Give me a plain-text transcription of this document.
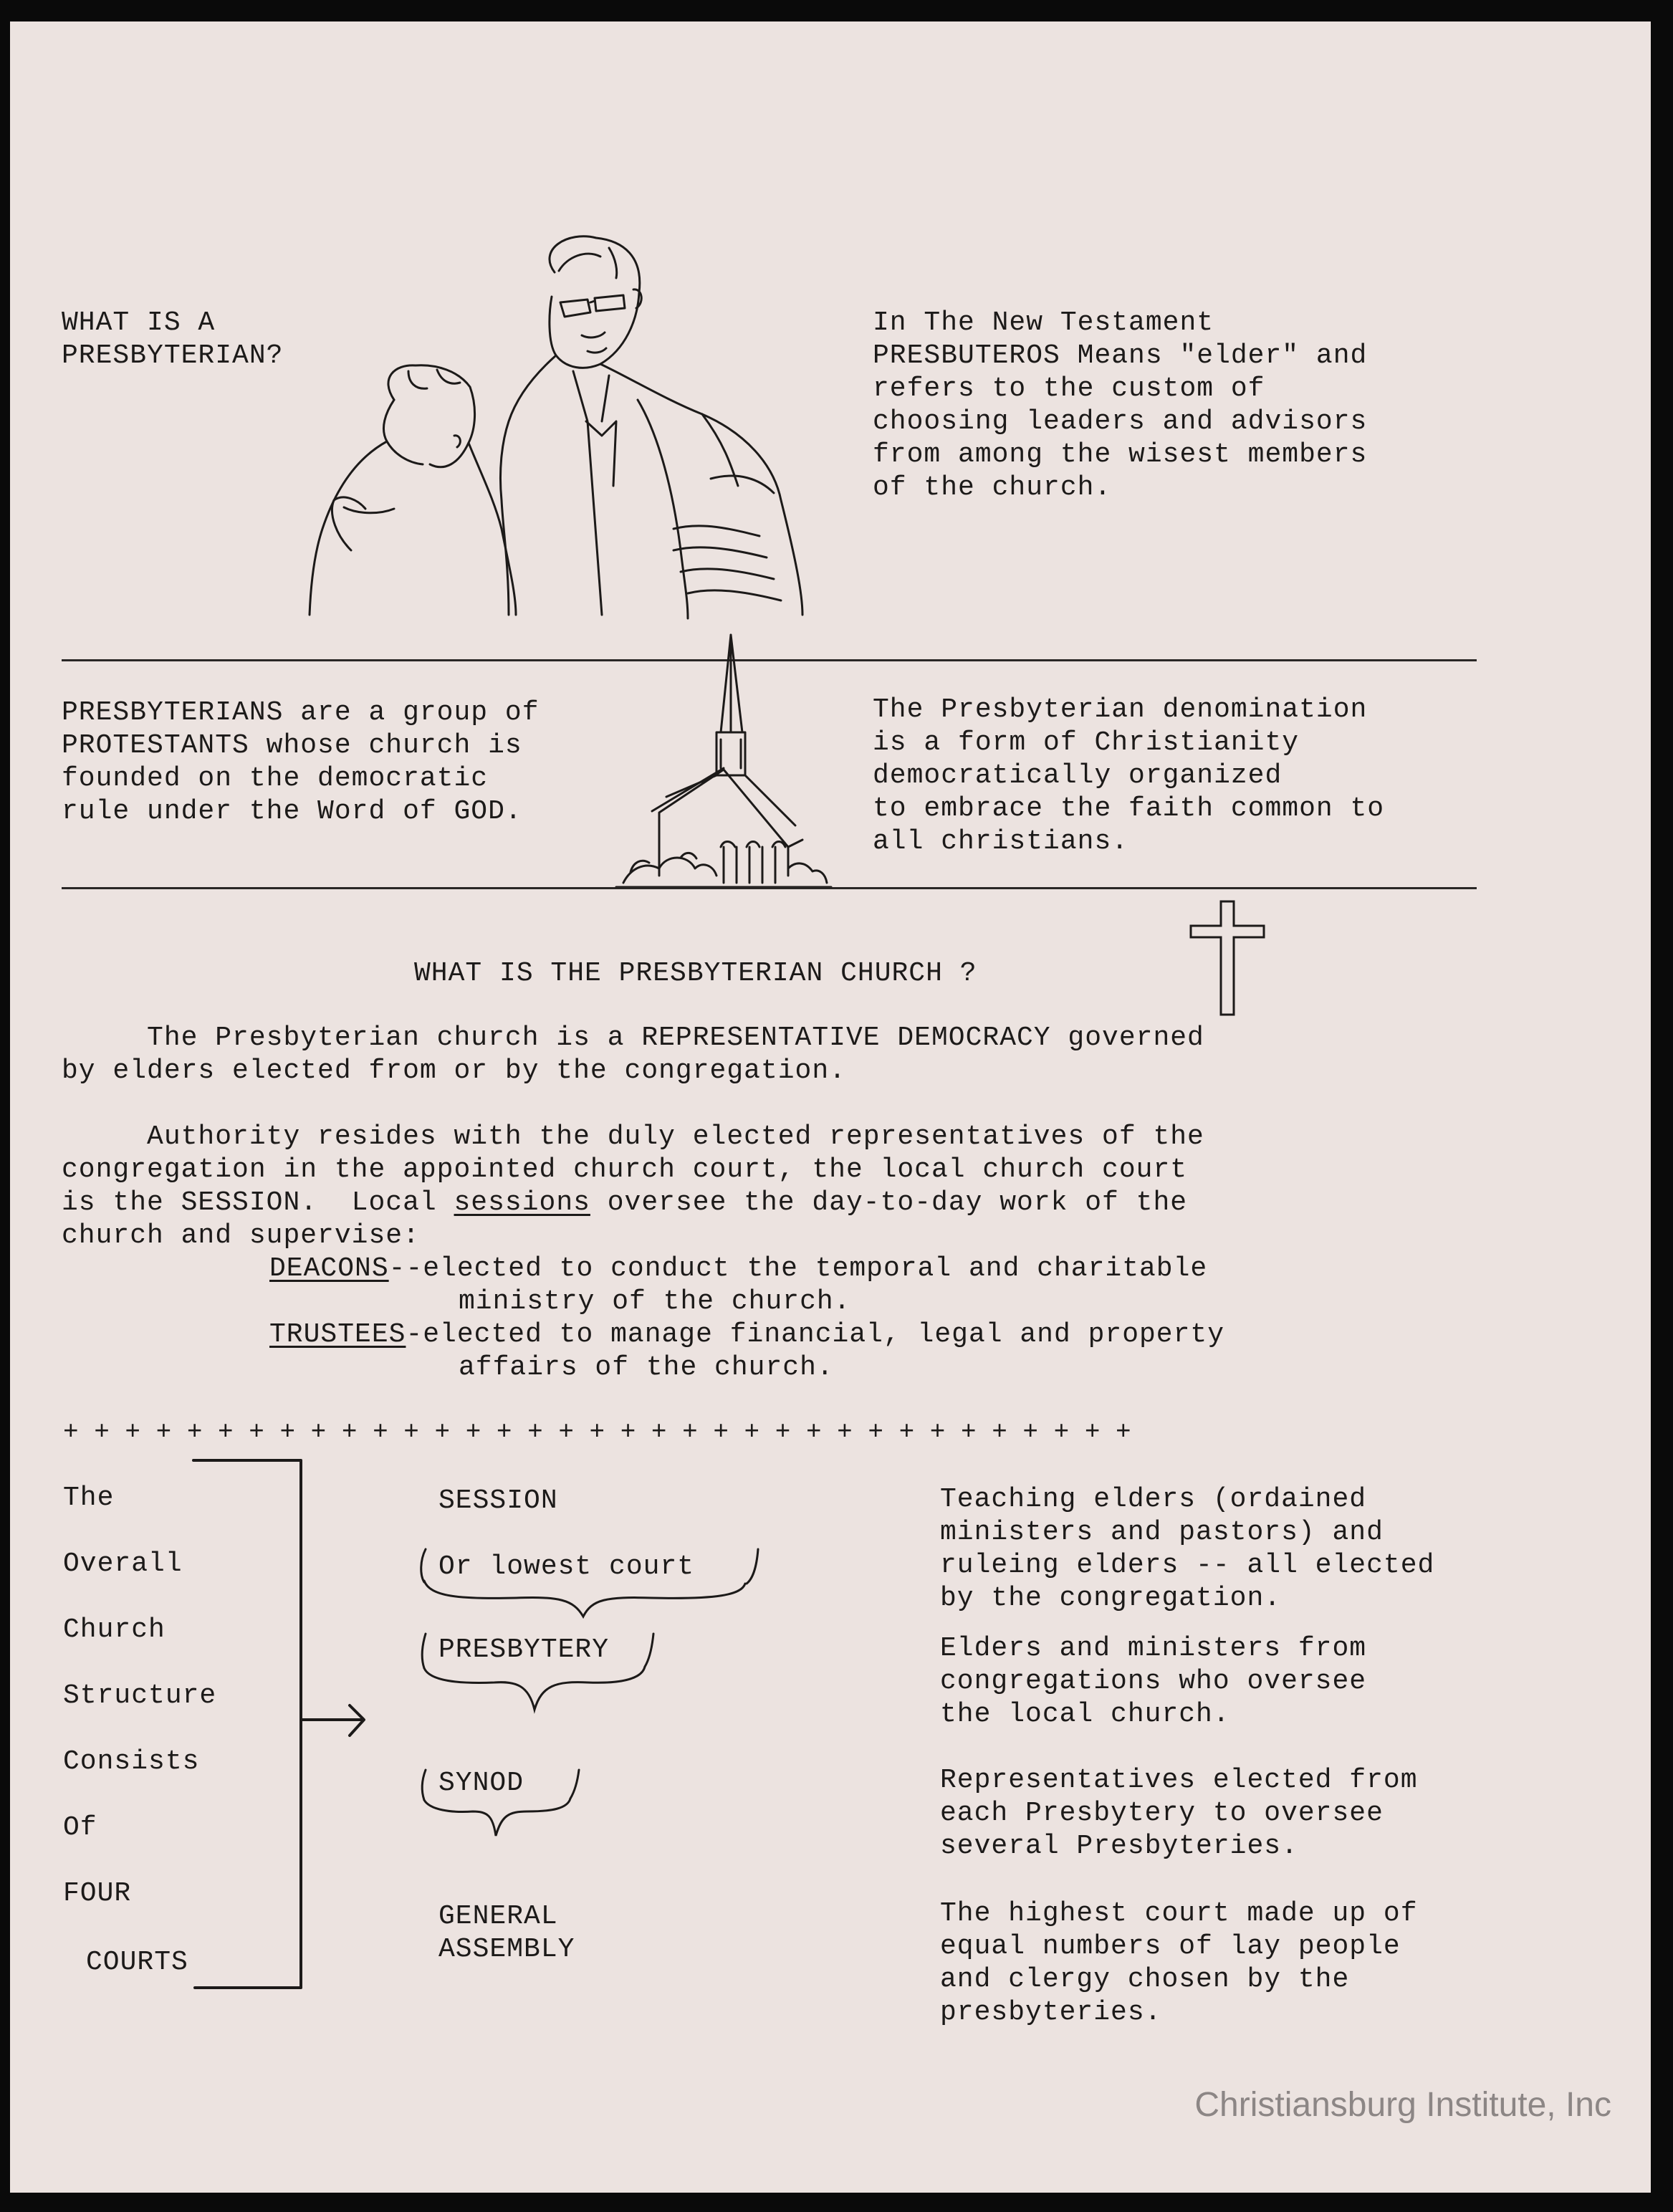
WHAT IS A
PRESBYTERIAN?
In The New Testament
PRESBUTEROS Means "elder" and
refers to the custom of
choosing leaders and advisors
from among the wisest members
of the church.
PRESBYTERIANS are a group of
PROTESTANTS whose church is
founded on the democratic
rule under the Word of GOD.
The Presbyterian denomination
is a form of Christianity
democratically organized
to embrace the faith common to
all christians.
WHAT IS THE PRESBYTERIAN CHURCH ?
The Presbyterian church is a REPRESENTATIVE DEMOCRACY governed
by elders elected from or by the congregation.
Authority resides with the duly elected representatives of the
congregation in the appointed church court, the local church court
is the SESSION.  Local sessions oversee the day-to-day work of the
church and supervise:
DEACONS--elected to conduct the temporal and charitable
ministry of the church.
TRUSTEES-elected to manage financial, legal and property
affairs of the church.
+ + + + + + + + + + + + + + + + + + + + + + + + + + + + + + + + + + +
The
Overall
Church
Structure
Consists
Of
FOUR
COURTS
SESSION
Or lowest court
PRESBYTERY
SYNOD
GENERAL
ASSEMBLY
Teaching elders (ordained
ministers and pastors) and
ruleing elders -- all elected
by the congregation.
Elders and ministers from
congregations who oversee
the local church.
Representatives elected from
each Presbytery to oversee
several Presbyteries.
The highest court made up of
equal numbers of lay people
and clergy chosen by the
presbyteries.
Christiansburg Institute, Inc
